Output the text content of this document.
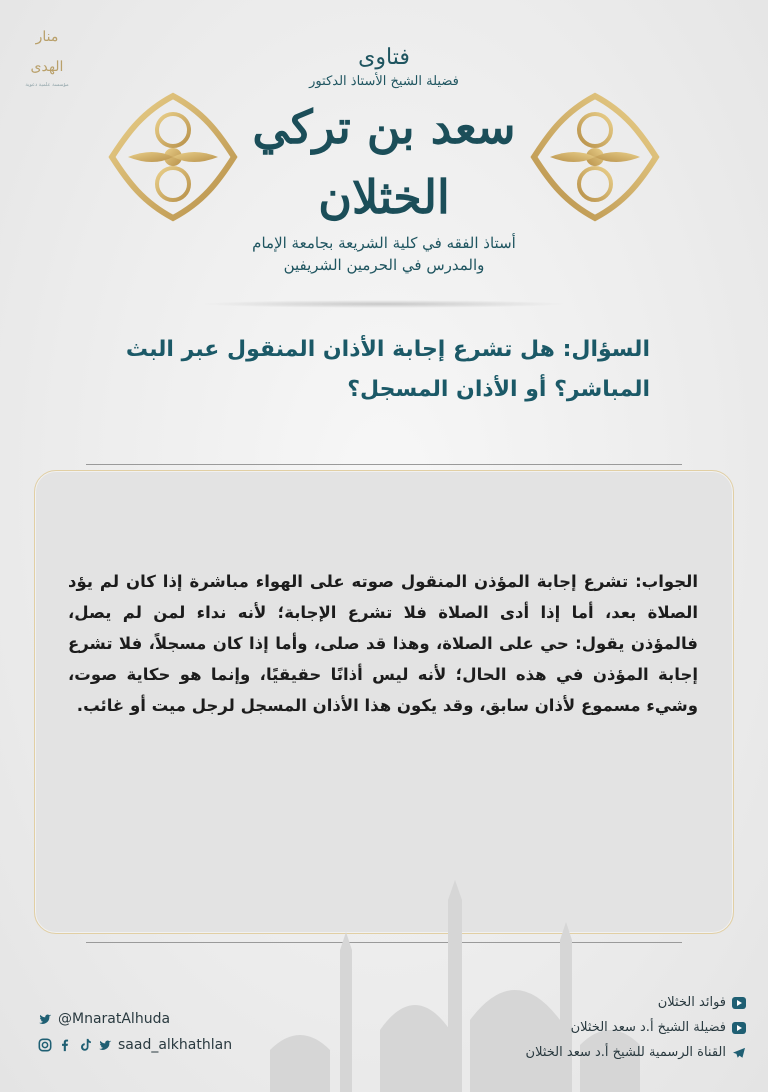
منار الهدى
مؤسسة علمية دعوية
فتاوى
فضيلة الشيخ الأستاذ الدكتور
سعد بن تركي الخثلان
أستاذ الفقه في كلية الشريعة بجامعة الإمام
والمدرس في الحرمين الشريفين
السؤال: هل تشرع إجابة الأذان المنقول عبر البث المباشر؟ أو الأذان المسجل؟
الجواب: تشرع إجابة المؤذن المنقول صوته على الهواء مباشرة إذا كان لم يؤد الصلاة بعد، أما إذا أدى الصلاة فلا تشرع الإجابة؛ لأنه نداء لمن لم يصل، فالمؤذن يقول: حي على الصلاة، وهذا قد صلى، وأما إذا كان مسجلاً، فلا تشرع إجابة المؤذن في هذه الحال؛ لأنه ليس أذانًا حقيقيًا، وإنما هو حكاية صوت، وشيء مسموع لأذان سابق، وقد يكون هذا الأذان المسجل لرجل ميت أو غائب.
@MnaratAlhuda
saad_alkhathlan
فوائد الخثلان
فضيلة الشيخ أ.د سعد الخثلان
القناة الرسمية للشيخ أ.د سعد الخثلان
